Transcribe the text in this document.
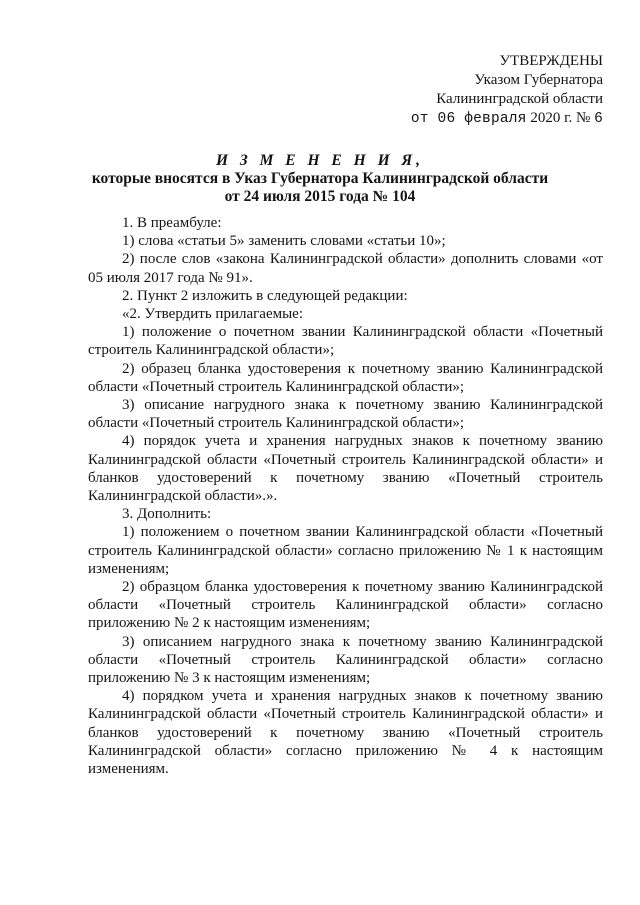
УТВЕРЖДЕНЫ
Указом Губернатора
Калининградской области
от 06 февраля 2020 г. № 6
И З М Е Н Е Н И Я,
которые вносятся в Указ Губернатора Калининградской области
от 24 июля 2015 года № 104

1. В преамбуле:

1) слова «статьи 5» заменить словами «статьи 10»;

2) после слов «закона Калининградской области» дополнить словами «от 05 июля 2017 года № 91».

2. Пункт 2 изложить в следующей редакции:

«2. Утвердить прилагаемые:

1) положение о почетном звании Калининградской области «Почетный строитель Калининградской области»;

2) образец бланка удостоверения к почетному званию Калининградской области «Почетный строитель Калининградской области»;

3) описание нагрудного знака к почетному званию Калининградской области «Почетный строитель Калининградской области»;

4) порядок учета и хранения нагрудных знаков к почетному званию Калининградской области «Почетный строитель Калининградской области» и бланков удостоверений к почетному званию «Почетный строитель Калининградской области».».

3. Дополнить:

1) положением о почетном звании Калининградской области «Почетный строитель Калининградской области» согласно приложению № 1 к настоящим изменениям;

2) образцом бланка удостоверения к почетному званию Калининградской области «Почетный строитель Калининградской области» согласно приложению № 2 к настоящим изменениям;

3) описанием нагрудного знака к почетному званию Калининградской области «Почетный строитель Калининградской области» согласно приложению № 3 к настоящим изменениям;

4) порядком учета и хранения нагрудных знаков к почетному званию Калининградской области «Почетный строитель Калининградской области» и бланков удостоверений к почетному званию «Почетный строитель Калининградской области» согласно приложению № 4 к настоящим изменениям.
